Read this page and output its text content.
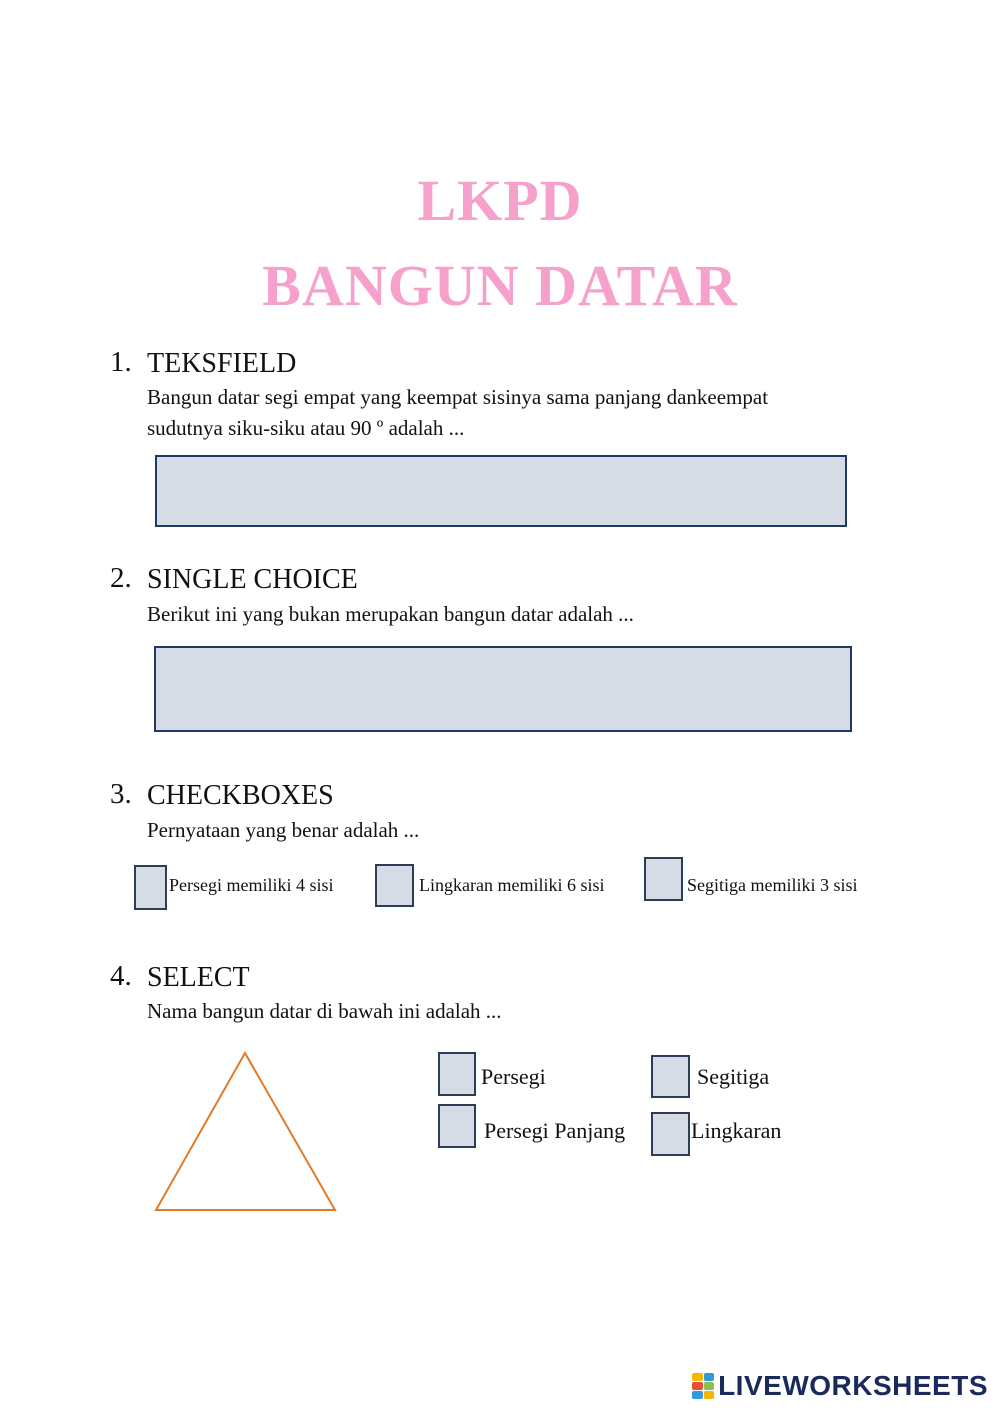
LKPD
BANGUN DATAR
1. TEKSFIELD
Bangun datar segi empat yang keempat sisinya sama panjang dankeempat
sudutnya siku-siku atau 90 º adalah ...
2. SINGLE CHOICE
Berikut ini yang bukan merupakan bangun datar adalah ...
3. CHECKBOXES
Pernyataan yang benar adalah ...
Persegi memiliki 4 sisi	Lingkaran memiliki 6 sisi	Segitiga memiliki 3 sisi
4. SELECT
Nama bangun datar di bawah ini adalah ...
Persegi	Segitiga
Persegi Panjang	Lingkaran
LIVEWORKSHEETS
